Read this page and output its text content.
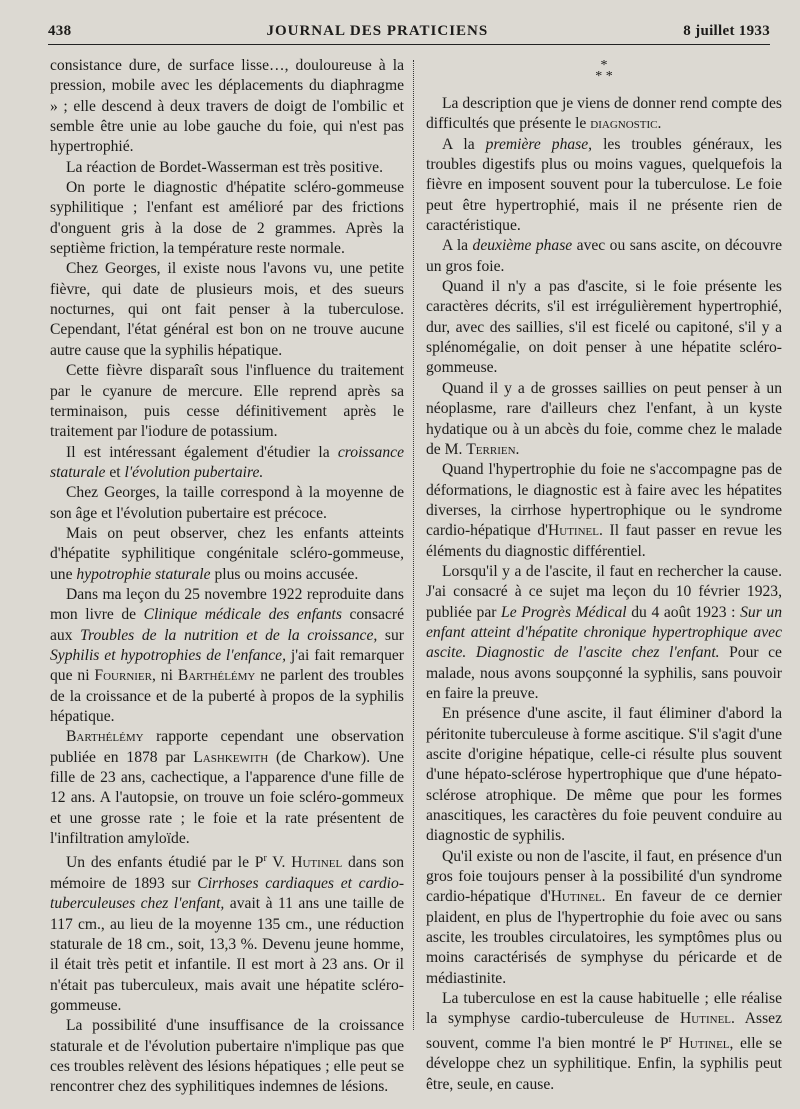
438	JOURNAL DES PRATICIENS	8 juillet 1933

consistance dure, de surface lisse…, douloureuse à la pression, mobile avec les déplacements du diaphragme » ; elle descend à deux travers de doigt de l'ombilic et semble être unie au lobe gauche du foie, qui n'est pas hypertrophié.

La réaction de Bordet-Wasserman est très positive.

On porte le diagnostic d'hépatite scléro-gommeuse syphilitique ; l'enfant est amélioré par des frictions d'onguent gris à la dose de 2 grammes. Après la septième friction, la température reste normale.

Chez Georges, il existe nous l'avons vu, une petite fièvre, qui date de plusieurs mois, et des sueurs nocturnes, qui ont fait penser à la tuberculose. Cependant, l'état général est bon on ne trouve aucune autre cause que la syphilis hépatique.

Cette fièvre disparaît sous l'influence du traitement par le cyanure de mercure. Elle reprend après sa terminaison, puis cesse définitivement après le traitement par l'iodure de potassium.

Il est intéressant également d'étudier la croissance staturale et l'évolution pubertaire.

Chez Georges, la taille correspond à la moyenne de son âge et l'évolution pubertaire est précoce.

Mais on peut observer, chez les enfants atteints d'hépatite syphilitique congénitale scléro-gommeuse, une hypotrophie staturale plus ou moins accusée.

Dans ma leçon du 25 novembre 1922 reproduite dans mon livre de Clinique médicale des enfants consacré aux Troubles de la nutrition et de la croissance, sur Syphilis et hypotrophies de l'enfance, j'ai fait remarquer que ni Fournier, ni Barthélémy ne parlent des troubles de la croissance et de la puberté à propos de la syphilis hépatique.

Barthélémy rapporte cependant une observation publiée en 1878 par Lashkewith (de Charkow). Une fille de 23 ans, cachectique, a l'apparence d'une fille de 12 ans. A l'autopsie, on trouve un foie scléro-gommeux et une grosse rate ; le foie et la rate présentent de l'infiltration amyloïde.

Un des enfants étudié par le $P^r$ V. Hutinel dans son mémoire de 1893 sur Cirrhoses cardiaques et cardio-tuberculeuses chez l'enfant, avait à 11 ans une taille de 117 cm., au lieu de la moyenne 135 cm., une réduction staturale de 18 cm., soit, 13,3 %. Devenu jeune homme, il était très petit et infantile. Il est mort à 23 ans. Or il n'était pas tuberculeux, mais avait une hépatite scléro-gommeuse.

La possibilité d'une insuffisance de la croissance staturale et de l'évolution pubertaire n'implique pas que ces troubles relèvent des lésions hépatiques ; elle peut se rencontrer chez des syphilitiques indemnes de lésions.

*
* *

La description que je viens de donner rend compte des difficultés que présente le diagnostic.

A la première phase, les troubles généraux, les troubles digestifs plus ou moins vagues, quelquefois la fièvre en imposent souvent pour la tuberculose. Le foie peut être hypertrophié, mais il ne présente rien de caractéristique.

A la deuxième phase avec ou sans ascite, on découvre un gros foie.

Quand il n'y a pas d'ascite, si le foie présente les caractères décrits, s'il est irrégulièrement hypertrophié, dur, avec des saillies, s'il est ficelé ou capitoné, s'il y a splénomégalie, on doit penser à une hépatite scléro-gommeuse.

Quand il y a de grosses saillies on peut penser à un néoplasme, rare d'ailleurs chez l'enfant, à un kyste hydatique ou à un abcès du foie, comme chez le malade de M. Terrien.

Quand l'hypertrophie du foie ne s'accompagne pas de déformations, le diagnostic est à faire avec les hépatites diverses, la cirrhose hypertrophique ou le syndrome cardio-hépatique d'Hutinel. Il faut passer en revue les éléments du diagnostic différentiel.

Lorsqu'il y a de l'ascite, il faut en rechercher la cause. J'ai consacré à ce sujet ma leçon du 10 février 1923, publiée par Le Progrès Médical du 4 août 1923 : Sur un enfant atteint d'hépatite chronique hypertrophique avec ascite. Diagnostic de l'ascite chez l'enfant. Pour ce malade, nous avons soupçonné la syphilis, sans pouvoir en faire la preuve.

En présence d'une ascite, il faut éliminer d'abord la péritonite tuberculeuse à forme ascitique. S'il s'agit d'une ascite d'origine hépatique, celle-ci résulte plus souvent d'une hépato-sclérose hypertrophique que d'une hépato-sclérose atrophique. De même que pour les formes anascitiques, les caractères du foie peuvent conduire au diagnostic de syphilis.

Qu'il existe ou non de l'ascite, il faut, en présence d'un gros foie toujours penser à la possibilité d'un syndrome cardio-hépatique d'Hutinel. En faveur de ce dernier plaident, en plus de l'hypertrophie du foie avec ou sans ascite, les troubles circulatoires, les symptômes plus ou moins caractérisés de symphyse du péricarde et de médiastinite.

La tuberculose en est la cause habituelle ; elle réalise la symphyse cardio-tuberculeuse de Hutinel. Assez souvent, comme l'a bien montré le $P^r$ Hutinel, elle se développe chez un syphilitique. Enfin, la syphilis peut être, seule, en cause.
